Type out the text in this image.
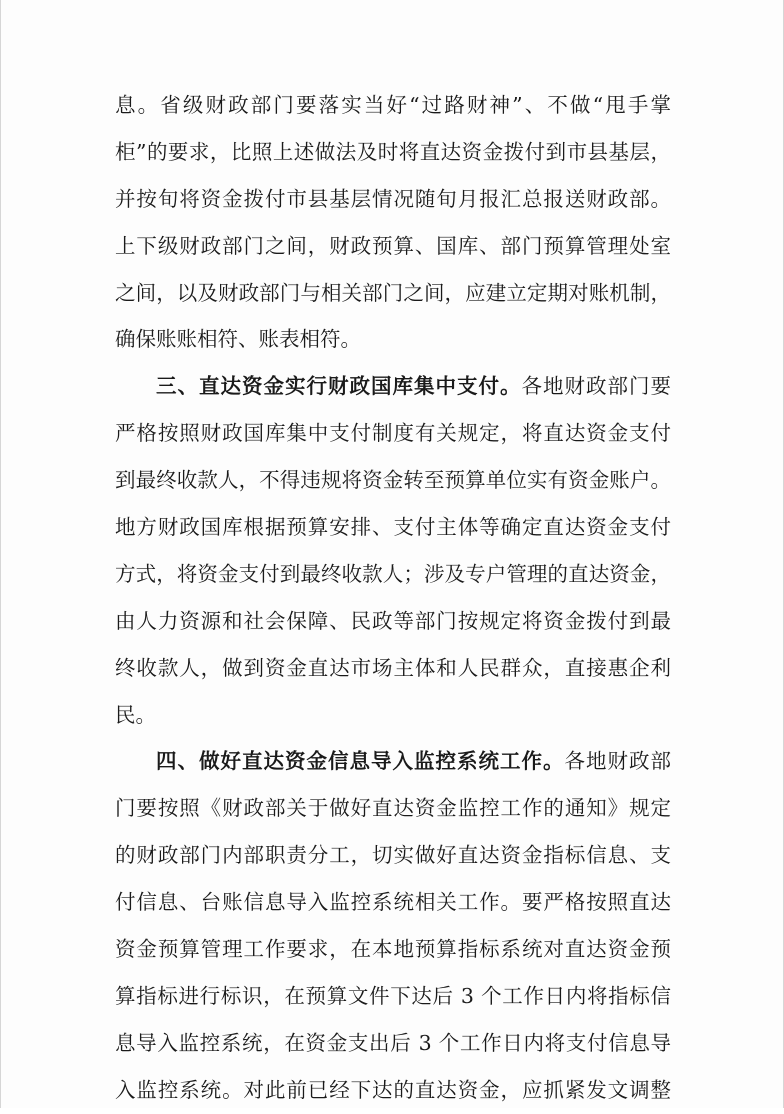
息。省级财政部门要落实当好“过路财神”、不做“甩手掌
柜”的要求，比照上述做法及时将直达资金拨付到市县基层，
并按旬将资金拨付市县基层情况随旬月报汇总报送财政部。
上下级财政部门之间，财政预算、国库、部门预算管理处室
之间，以及财政部门与相关部门之间，应建立定期对账机制，
确保账账相符、账表相符。
三、直达资金实行财政国库集中支付。各地财政部门要
严格按照财政国库集中支付制度有关规定，将直达资金支付
到最终收款人，不得违规将资金转至预算单位实有资金账户。
地方财政国库根据预算安排、支付主体等确定直达资金支付
方式，将资金支付到最终收款人；涉及专户管理的直达资金，
由人力资源和社会保障、民政等部门按规定将资金拨付到最
终收款人，做到资金直达市场主体和人民群众，直接惠企利
民。
四、做好直达资金信息导入监控系统工作。各地财政部
门要按照《财政部关于做好直达资金监控工作的通知》规定
的财政部门内部职责分工，切实做好直达资金指标信息、支
付信息、台账信息导入监控系统相关工作。要严格按照直达
资金预算管理工作要求，在本地预算指标系统对直达资金预
算指标进行标识，在预算文件下达后 3 个工作日内将指标信
息导入监控系统，在资金支出后 3 个工作日内将支付信息导
入监控系统。对此前已经下达的直达资金，应抓紧发文调整
